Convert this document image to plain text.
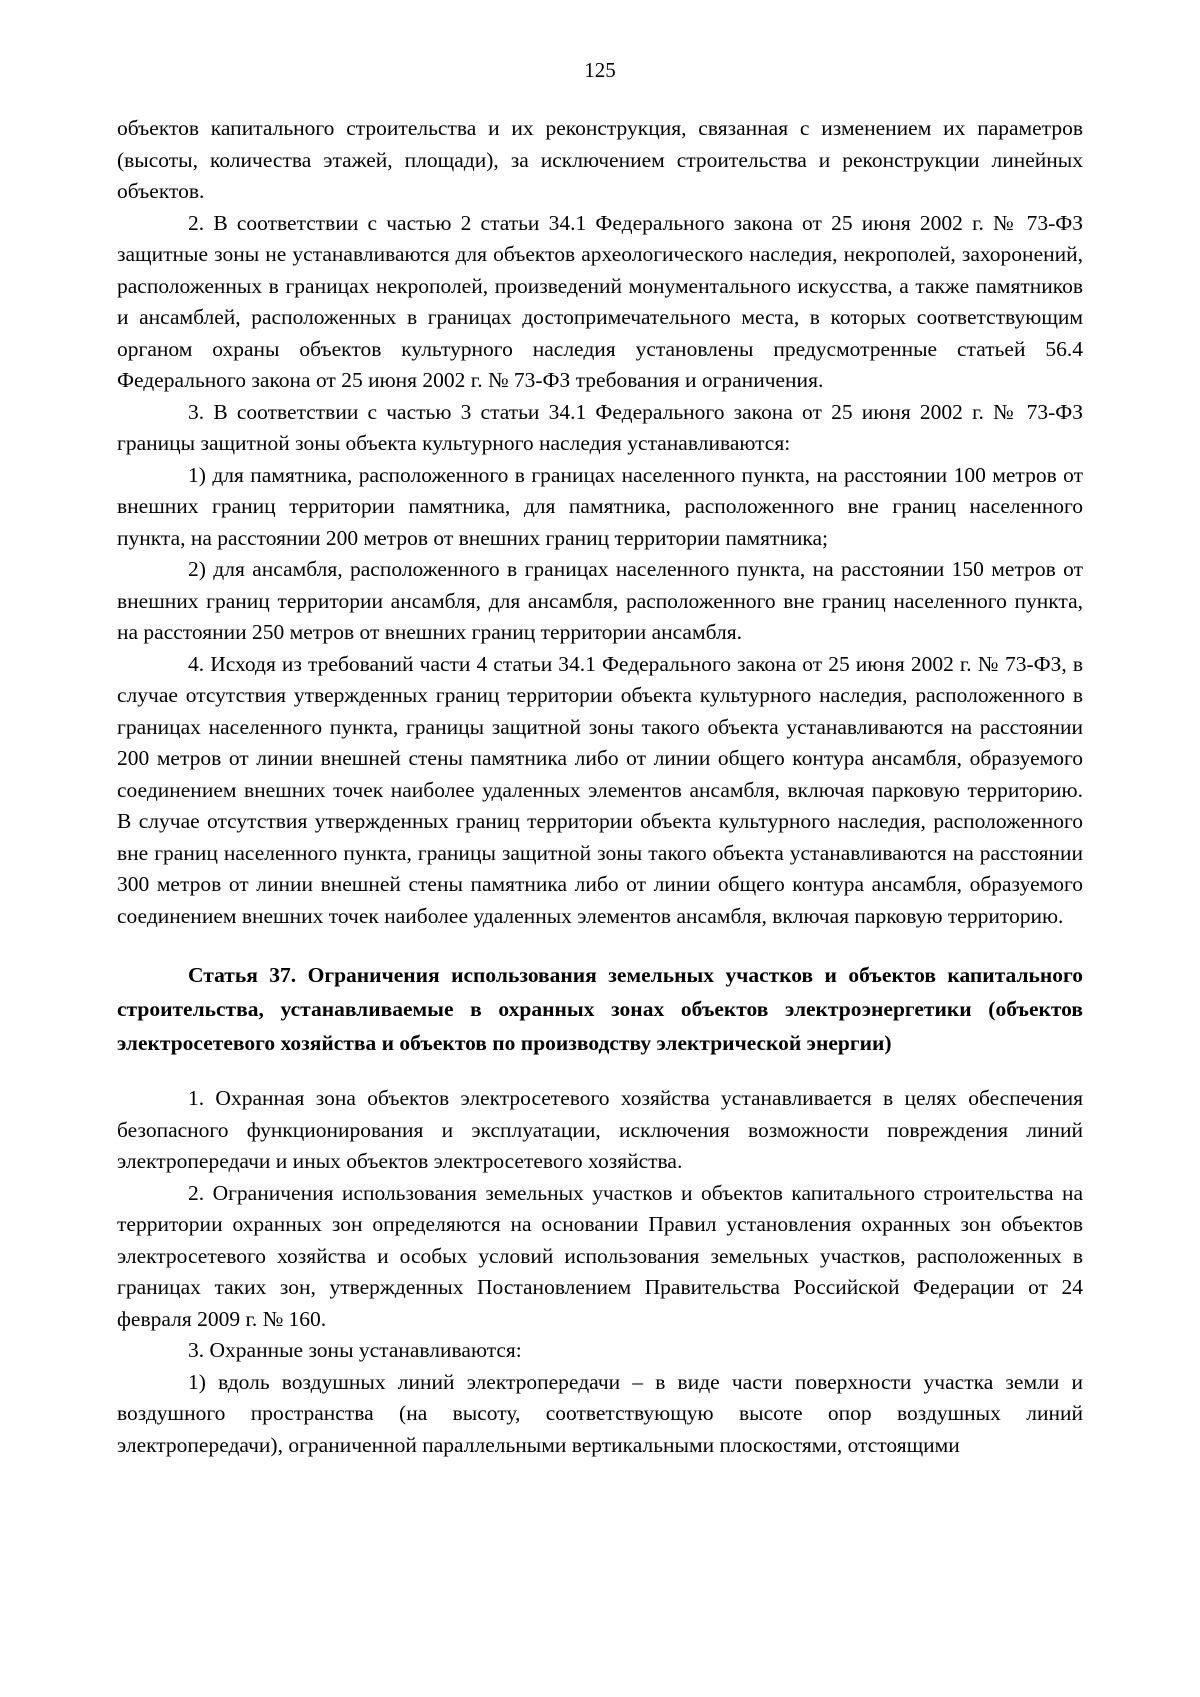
125

объектов капитального строительства и их реконструкция, связанная с изменением их параметров (высоты, количества этажей, площади), за исключением строительства и реконструкции линейных объектов.

2. В соответствии с частью 2 статьи 34.1 Федерального закона от 25 июня 2002 г. № 73-ФЗ защитные зоны не устанавливаются для объектов археологического наследия, некрополей, захоронений, расположенных в границах некрополей, произведений монументального искусства, а также памятников и ансамблей, расположенных в границах достопримечательного места, в которых соответствующим органом охраны объектов культурного наследия установлены предусмотренные статьей 56.4 Федерального закона от 25 июня 2002 г. № 73-ФЗ требования и ограничения.

3. В соответствии с частью 3 статьи 34.1 Федерального закона от 25 июня 2002 г. № 73-ФЗ границы защитной зоны объекта культурного наследия устанавливаются:

1) для памятника, расположенного в границах населенного пункта, на расстоянии 100 метров от внешних границ территории памятника, для памятника, расположенного вне границ населенного пункта, на расстоянии 200 метров от внешних границ территории памятника;

2) для ансамбля, расположенного в границах населенного пункта, на расстоянии 150 метров от внешних границ территории ансамбля, для ансамбля, расположенного вне границ населенного пункта, на расстоянии 250 метров от внешних границ территории ансамбля.

4. Исходя из требований части 4 статьи 34.1 Федерального закона от 25 июня 2002 г. № 73-ФЗ, в случае отсутствия утвержденных границ территории объекта культурного наследия, расположенного в границах населенного пункта, границы защитной зоны такого объекта устанавливаются на расстоянии 200 метров от линии внешней стены памятника либо от линии общего контура ансамбля, образуемого соединением внешних точек наиболее удаленных элементов ансамбля, включая парковую территорию. В случае отсутствия утвержденных границ территории объекта культурного наследия, расположенного вне границ населенного пункта, границы защитной зоны такого объекта устанавливаются на расстоянии 300 метров от линии внешней стены памятника либо от линии общего контура ансамбля, образуемого соединением внешних точек наиболее удаленных элементов ансамбля, включая парковую территорию.

Статья 37. Ограничения использования земельных участков и объектов капитального строительства, устанавливаемые в охранных зонах объектов электроэнергетики (объектов электросетевого хозяйства и объектов по производству электрической энергии)

1. Охранная зона объектов электросетевого хозяйства устанавливается в целях обеспечения безопасного функционирования и эксплуатации, исключения возможности повреждения линий электропередачи и иных объектов электросетевого хозяйства.

2. Ограничения использования земельных участков и объектов капитального строительства на территории охранных зон определяются на основании Правил установления охранных зон объектов электросетевого хозяйства и особых условий использования земельных участков, расположенных в границах таких зон, утвержденных Постановлением Правительства Российской Федерации от 24 февраля 2009 г. № 160.

3. Охранные зоны устанавливаются:

1) вдоль воздушных линий электропередачи – в виде части поверхности участка земли и воздушного пространства (на высоту, соответствующую высоте опор воздушных линий электропередачи), ограниченной параллельными вертикальными плоскостями, отстоящими
